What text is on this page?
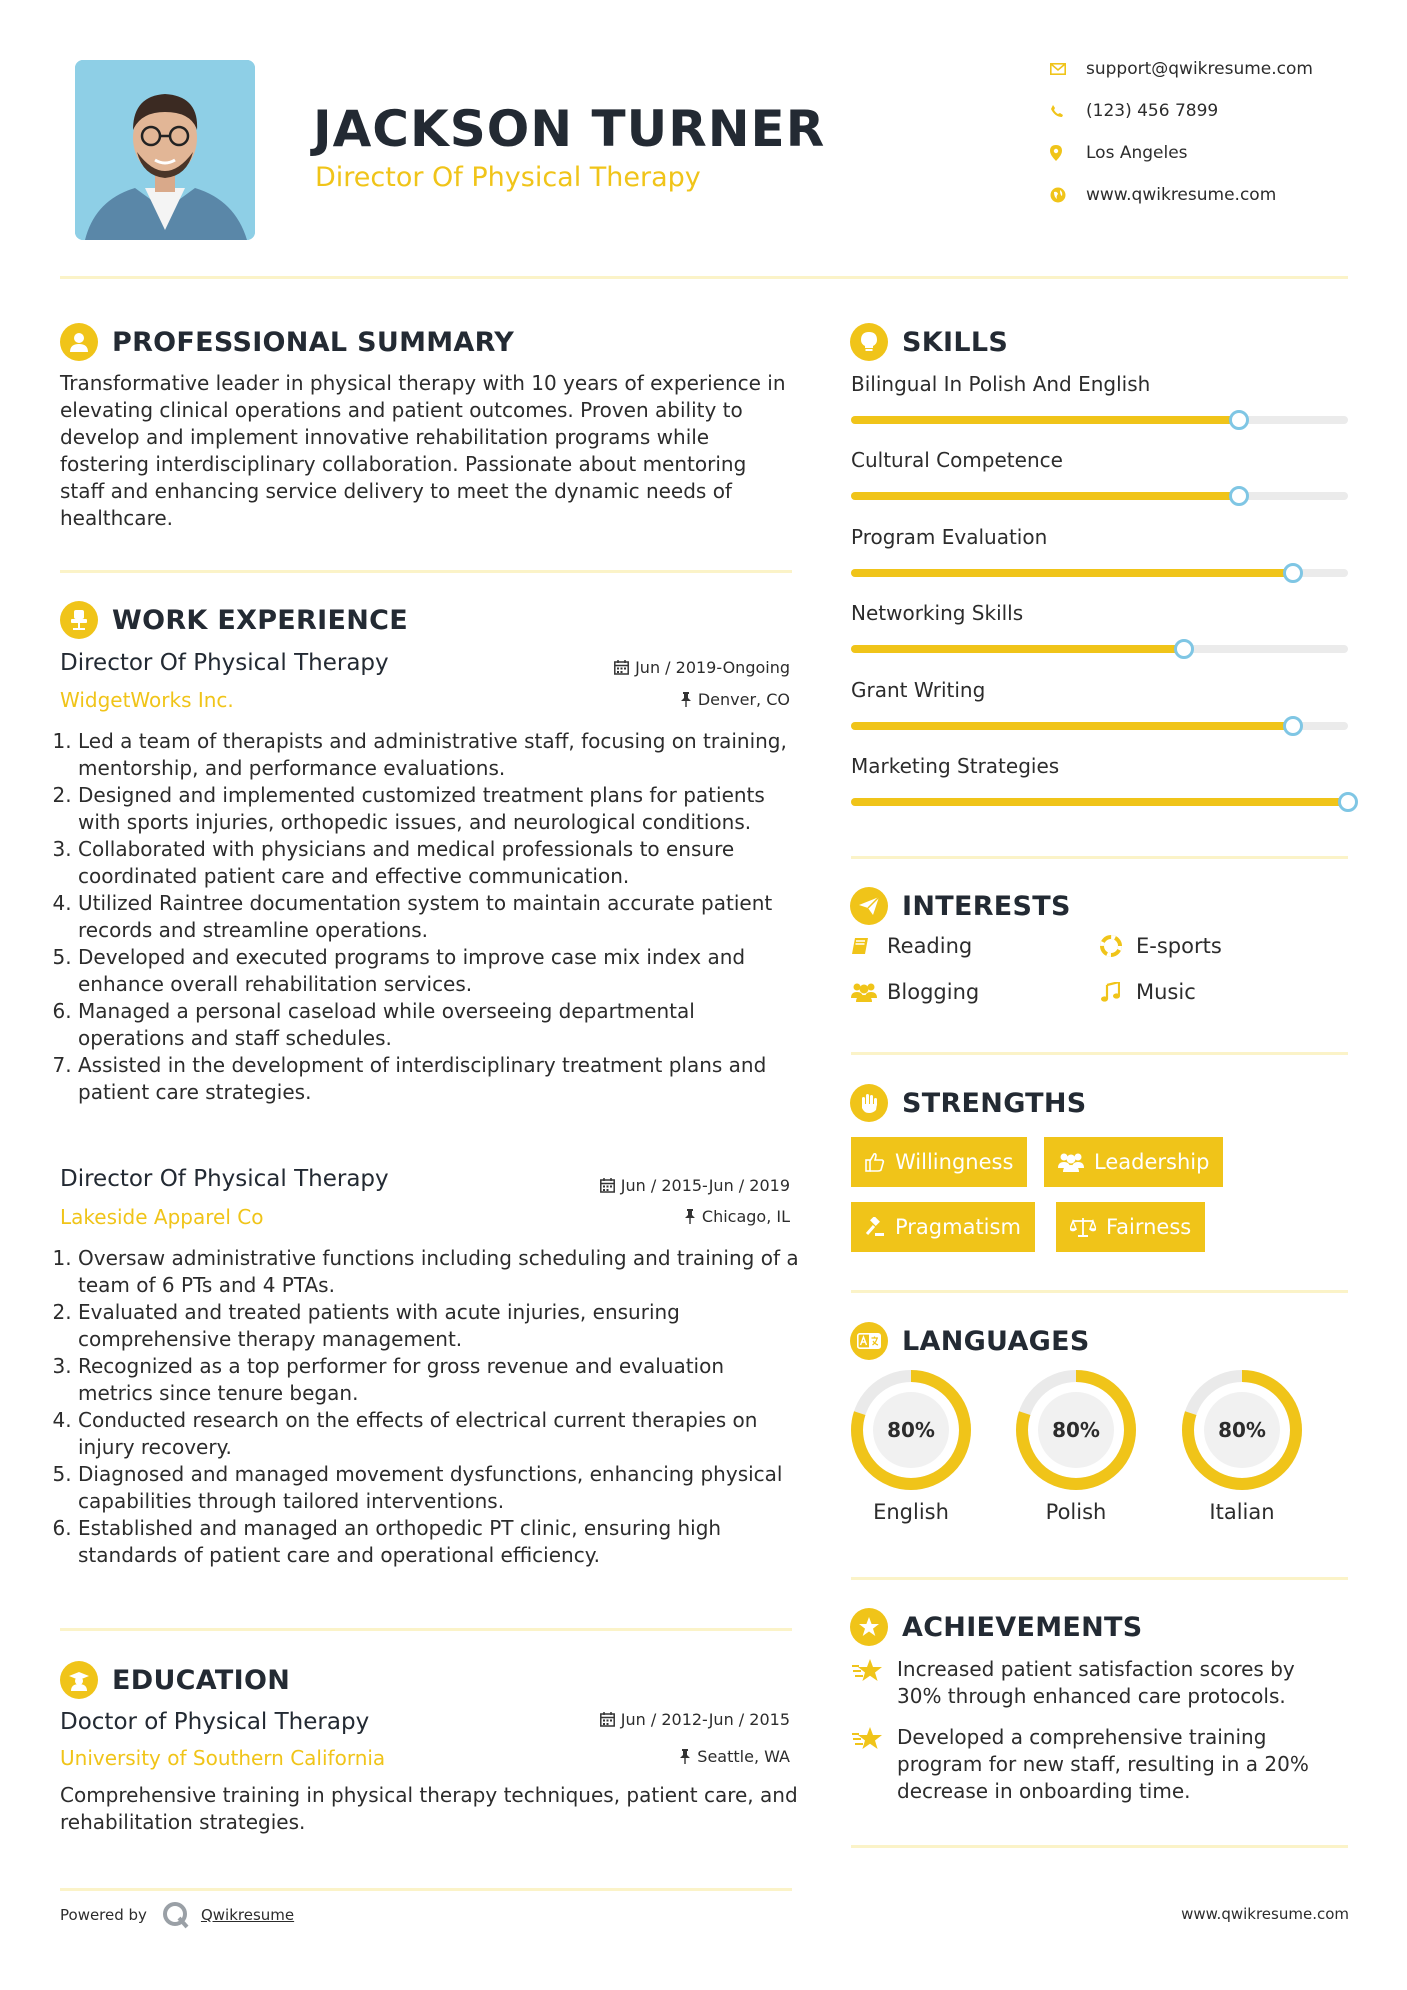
JACKSON TURNER
Director Of Physical Therapy
support@qwikresume.com
(123) 456 7899
Los Angeles
www.qwikresume.com
PROFESSIONAL SUMMARY
Transformative leader in physical therapy with 10 years of experience in elevating clinical operations and patient outcomes. Proven ability to develop and implement innovative rehabilitation programs while fostering interdisciplinary collaboration. Passionate about mentoring staff and enhancing service delivery to meet the dynamic needs of healthcare.
WORK EXPERIENCE
Director Of Physical Therapy	Jun / 2019-Ongoing
WidgetWorks Inc.	Denver, CO
1. Led a team of therapists and administrative staff, focusing on training, mentorship, and performance evaluations.
2. Designed and implemented customized treatment plans for patients with sports injuries, orthopedic issues, and neurological conditions.
3. Collaborated with physicians and medical professionals to ensure coordinated patient care and effective communication.
4. Utilized Raintree documentation system to maintain accurate patient records and streamline operations.
5. Developed and executed programs to improve case mix index and enhance overall rehabilitation services.
6. Managed a personal caseload while overseeing departmental operations and staff schedules.
7. Assisted in the development of interdisciplinary treatment plans and patient care strategies.
Director Of Physical Therapy	Jun / 2015-Jun / 2019
Lakeside Apparel Co	Chicago, IL
1. Oversaw administrative functions including scheduling and training of a team of 6 PTs and 4 PTAs.
2. Evaluated and treated patients with acute injuries, ensuring comprehensive therapy management.
3. Recognized as a top performer for gross revenue and evaluation metrics since tenure began.
4. Conducted research on the effects of electrical current therapies on injury recovery.
5. Diagnosed and managed movement dysfunctions, enhancing physical capabilities through tailored interventions.
6. Established and managed an orthopedic PT clinic, ensuring high standards of patient care and operational efficiency.
EDUCATION
Doctor of Physical Therapy	Jun / 2012-Jun / 2015
University of Southern California	Seattle, WA
Comprehensive training in physical therapy techniques, patient care, and rehabilitation strategies.
SKILLS
Bilingual In Polish And English
Cultural Competence
Program Evaluation
Networking Skills
Grant Writing
Marketing Strategies
INTERESTS
Reading	E-sports
Blogging	Music
STRENGTHS
Willingness	Leadership
Pragmatism	Fairness
LANGUAGES
80%
English
80%
Polish
80%
Italian
ACHIEVEMENTS
Increased patient satisfaction scores by 30% through enhanced care protocols.
Developed a comprehensive training program for new staff, resulting in a 20% decrease in onboarding time.
Powered by	Qwikresume	www.qwikresume.com
